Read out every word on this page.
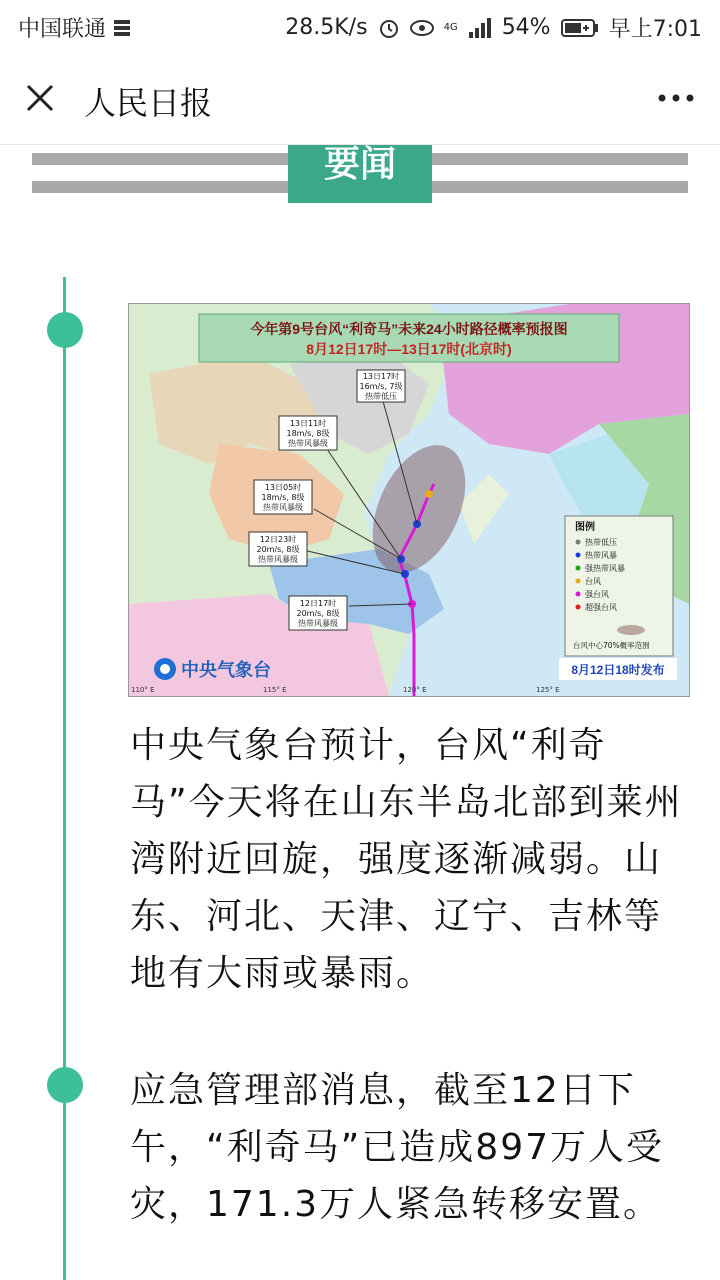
中国联通	28.5K/s	4G 54%	早上7:01
人民日报
要闻
今年第9号台风“利奇马”未来24小时路径概率预报图
8月12日17时—13日17时(北京时)
13日17时
16m/s, 7级
热带低压
13日11时
18m/s, 8级
热带风暴级
13日05时
18m/s, 8级
热带风暴级
12日23时
20m/s, 8级
热带风暴级
12日17时
20m/s, 8级
热带风暴级
图例
热带低压
热带风暴
强热带风暴
台风
强台风
超强台风
台风中心70%概率范围
中央气象台	8月12日18时发布
110° E	115° E	120° E	125° E
中央气象台预计，台风“利奇马”今天将在山东半岛北部到莱州湾附近回旋，强度逐渐减弱。山东、河北、天津、辽宁、吉林等地有大雨或暴雨。
应急管理部消息，截至12日下午，“利奇马”已造成897万人受灾，171.3万人紧急转移安置。
